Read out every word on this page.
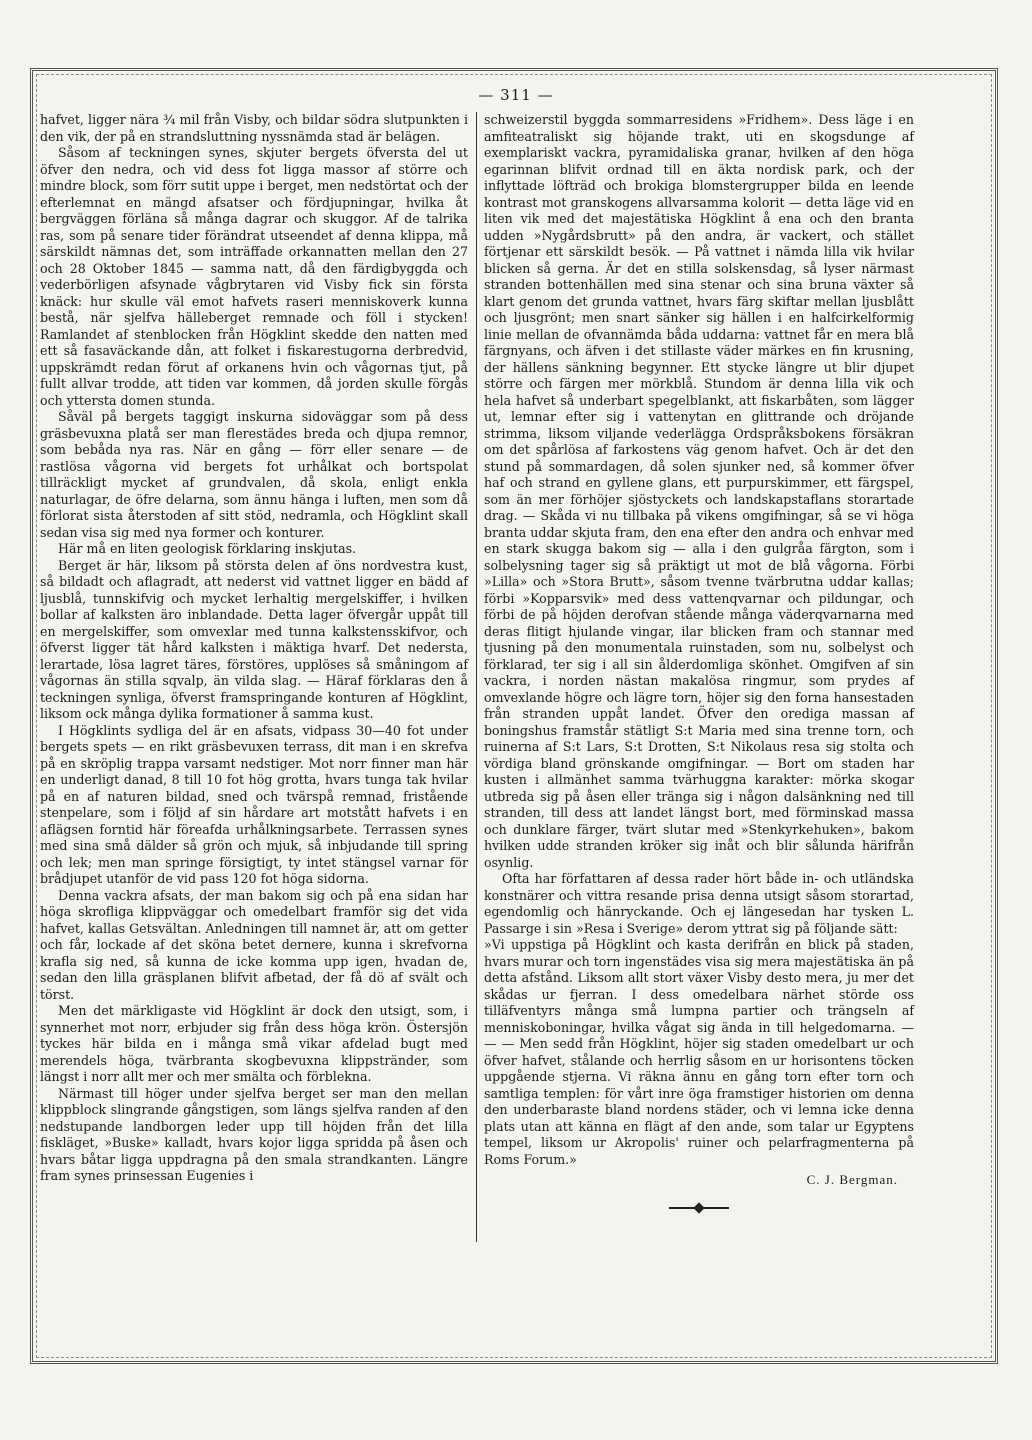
— 311 —

hafvet, ligger nära ¾ mil från Visby, och bildar södra slutpunkten i den vik, der på en strandsluttning nyssnämda stad är belägen.

Såsom af teckningen synes, skjuter bergets öfversta del ut öfver den nedra, och vid dess fot ligga massor af större och mindre block, som förr sutit uppe i berget, men nedstörtat och der efterlemnat en mängd afsatser och fördjupningar, hvilka åt bergväggen förläna så många dagrar och skuggor. Af de talrika ras, som på senare tider förändrat utseendet af denna klippa, må särskildt nämnas det, som inträffade orkannatten mellan den 27 och 28 Oktober 1845 — samma natt, då den färdigbyggda och vederbörligen afsynade vågbrytaren vid Visby fick sin första knäck: hur skulle väl emot hafvets raseri menniskoverk kunna bestå, när sjelfva hälleberget remnade och föll i stycken! Ramlandet af stenblocken från Högklint skedde den natten med ett så fasaväckande dån, att folket i fiskarestugorna derbredvid, uppskrämdt redan förut af orkanens hvin och vågornas tjut, på fullt allvar trodde, att tiden var kommen, då jorden skulle förgås och yttersta domen stunda.

Såväl på bergets taggigt inskurna sidoväggar som på dess gräsbevuxna platå ser man flerestädes breda och djupa remnor, som bebåda nya ras. När en gång — förr eller senare — de rastlösa vågorna vid bergets fot urhålkat och bortspolat tillräckligt mycket af grundvalen, då skola, enligt enkla naturlagar, de öfre delarna, som ännu hänga i luften, men som då förlorat sista återstoden af sitt stöd, nedramla, och Högklint skall sedan visa sig med nya former och konturer.

Här må en liten geologisk förklaring inskjutas.

Berget är här, liksom på största delen af öns nordvestra kust, så bildadt och aflagradt, att nederst vid vattnet ligger en bädd af ljusblå, tunnskifvig och mycket lerhaltig mergelskiffer, i hvilken bollar af kalksten äro inblandade. Detta lager öfvergår uppåt till en mergelskiffer, som omvexlar med tunna kalkstensskifvor, och öfverst ligger tät hård kalksten i mäktiga hvarf. Det nedersta, lerartade, lösa lagret täres, förstöres, upplöses så småningom af vågornas än stilla sqvalp, än vilda slag. — Häraf förklaras den å teckningen synliga, öfverst framspringande konturen af Högklint, liksom ock många dylika formationer å samma kust.

I Högklints sydliga del är en afsats, vidpass 30—40 fot under bergets spets — en rikt gräsbevuxen terrass, dit man i en skrefva på en skröplig trappa varsamt nedstiger. Mot norr finner man här en underligt danad, 8 till 10 fot hög grotta, hvars tunga tak hvilar på en af naturen bildad, sned och tvärspå remnad, fristående stenpelare, som i följd af sin hårdare art motstått hafvets i en aflägsen forntid här föreafda urhålkningsarbete. Terrassen synes med sina små dälder så grön och mjuk, så inbjudande till spring och lek; men man springe försigtigt, ty intet stängsel varnar för brådjupet utanför de vid pass 120 fot höga sidorna.

Denna vackra afsats, der man bakom sig och på ena sidan har höga skrofliga klippväggar och omedelbart framför sig det vida hafvet, kallas Getsvältan. Anledningen till namnet är, att om getter och får, lockade af det sköna betet dernere, kunna i skrefvorna krafla sig ned, så kunna de icke komma upp igen, hvadan de, sedan den lilla gräsplanen blifvit afbetad, der få dö af svält och törst.

Men det märkligaste vid Högklint är dock den utsigt, som, i synnerhet mot norr, erbjuder sig från dess höga krön. Östersjön tyckes här bilda en i många små vikar afdelad bugt med merendels höga, tvärbranta skogbevuxna klippstränder, som längst i norr allt mer och mer smälta och förblekna.

Närmast till höger under sjelfva berget ser man den mellan klippblock slingrande gångstigen, som längs sjelfva randen af den nedstupande landborgen leder upp till höjden från det lilla fiskläget, »Buske» kalladt, hvars kojor ligga spridda på åsen och hvars båtar ligga uppdragna på den smala strandkanten. Längre fram synes prinsessan Eugenies i

schweizerstil byggda sommarresidens »Fridhem». Dess läge i en amfiteatraliskt sig höjande trakt, uti en skogsdunge af exemplariskt vackra, pyramidaliska granar, hvilken af den höga egarinnan blifvit ordnad till en äkta nordisk park, och der inflyttade löfträd och brokiga blomstergrupper bilda en leende kontrast mot granskogens allvarsamma kolorit — detta läge vid en liten vik med det majestätiska Högklint å ena och den branta udden »Nygårdsbrutt» på den andra, är vackert, och stället förtjenar ett särskildt besök. — På vattnet i nämda lilla vik hvilar blicken så gerna. Är det en stilla solskensdag, så lyser närmast stranden bottenhällen med sina stenar och sina bruna växter så klart genom det grunda vattnet, hvars färg skiftar mellan ljusblått och ljusgrönt; men snart sänker sig hällen i en halfcirkelformig linie mellan de ofvannämda båda uddarna: vattnet får en mera blå färgnyans, och äfven i det stillaste väder märkes en fin krusning, der hällens sänkning begynner. Ett stycke längre ut blir djupet större och färgen mer mörkblå. Stundom är denna lilla vik och hela hafvet så underbart spegelblankt, att fiskarbåten, som lägger ut, lemnar efter sig i vattenytan en glittrande och dröjande strimma, liksom viljande vederlägga Ordspråksbokens försäkran om det spårlösa af farkostens väg genom hafvet. Och är det den stund på sommardagen, då solen sjunker ned, så kommer öfver haf och strand en gyllene glans, ett purpurskimmer, ett färgspel, som än mer förhöjer sjöstyckets och landskapstaflans storartade drag. — Skåda vi nu tillbaka på vikens omgifningar, så se vi höga branta uddar skjuta fram, den ena efter den andra och enhvar med en stark skugga bakom sig — alla i den gulgråa färgton, som i solbelysning tager sig så präktigt ut mot de blå vågorna. Förbi »Lilla» och »Stora Brutt», såsom tvenne tvärbrutna uddar kallas; förbi »Kopparsvik» med dess vattenqvarnar och pildungar, och förbi de på höjden derofvan stående många väderqvarnarna med deras flitigt hjulande vingar, ilar blicken fram och stannar med tjusning på den monumentala ruinstaden, som nu, solbelyst och förklarad, ter sig i all sin ålderdomliga skönhet. Omgifven af sin vackra, i norden nästan makalösa ringmur, som prydes af omvexlande högre och lägre torn, höjer sig den forna hansestaden från stranden uppåt landet. Öfver den orediga massan af boningshus framstår stätligt S:t Maria med sina trenne torn, och ruinerna af S:t Lars, S:t Drotten, S:t Nikolaus resa sig stolta och vördiga bland grönskande omgifningar. — Bort om staden har kusten i allmänhet samma tvärhuggna karakter: mörka skogar utbreda sig på åsen eller tränga sig i någon dalsänkning ned till stranden, till dess att landet längst bort, med förminskad massa och dunklare färger, tvärt slutar med »Stenkyrkehuken», bakom hvilken udde stranden kröker sig inåt och blir sålunda härifrån osynlig.

Ofta har författaren af dessa rader hört både in- och utländska konstnärer och vittra resande prisa denna utsigt såsom storartad, egendomlig och hänryckande. Och ej längesedan har tysken L. Passarge i sin »Resa i Sverige» derom yttrat sig på följande sätt:

»Vi uppstiga på Högklint och kasta derifrån en blick på staden, hvars murar och torn ingenstädes visa sig mera majestätiska än på detta afstånd. Liksom allt stort växer Visby desto mera, ju mer det skådas ur fjerran. I dess omedelbara närhet störde oss tilläfventyrs många små lumpna partier och trängseln af menniskoboningar, hvilka vågat sig ända in till helgedomarna. — — — Men sedd från Högklint, höjer sig staden omedelbart ur och öfver hafvet, stålande och herrlig såsom en ur horisontens töcken uppgående stjerna. Vi räkna ännu en gång torn efter torn och samtliga templen: för vårt inre öga framstiger historien om denna den underbaraste bland nordens städer, och vi lemna icke denna plats utan att känna en flägt af den ande, som talar ur Egyptens tempel, liksom ur Akropolis' ruiner och pelarfragmenterna på Roms Forum.»

C. J. Bergman.
